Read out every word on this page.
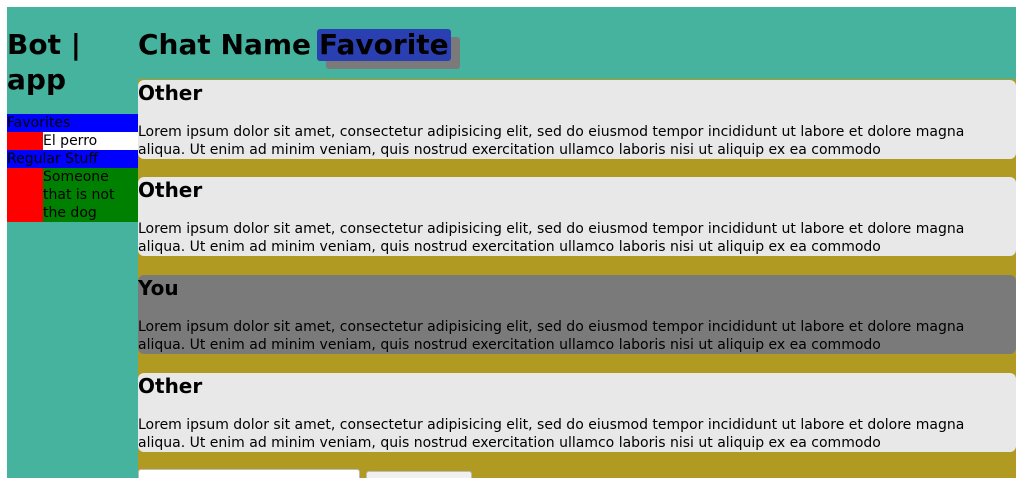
Bot | app
Favorites
El perro
Regular Stuff
Someone that is not the dog
Chat Name Favorite
Other

Lorem ipsum dolor sit amet, consectetur adipisicing elit, sed do eiusmod tempor incididunt ut labore et dolore magna aliqua. Ut enim ad minim veniam, quis nostrud exercitation ullamco laboris nisi ut aliquip ex ea commodo

Other

Lorem ipsum dolor sit amet, consectetur adipisicing elit, sed do eiusmod tempor incididunt ut labore et dolore magna aliqua. Ut enim ad minim veniam, quis nostrud exercitation ullamco laboris nisi ut aliquip ex ea commodo

You

Lorem ipsum dolor sit amet, consectetur adipisicing elit, sed do eiusmod tempor incididunt ut labore et dolore magna aliqua. Ut enim ad minim veniam, quis nostrud exercitation ullamco laboris nisi ut aliquip ex ea commodo

Other

Lorem ipsum dolor sit amet, consectetur adipisicing elit, sed do eiusmod tempor incididunt ut labore et dolore magna aliqua. Ut enim ad minim veniam, quis nostrud exercitation ullamco laboris nisi ut aliquip ex ea commodo
